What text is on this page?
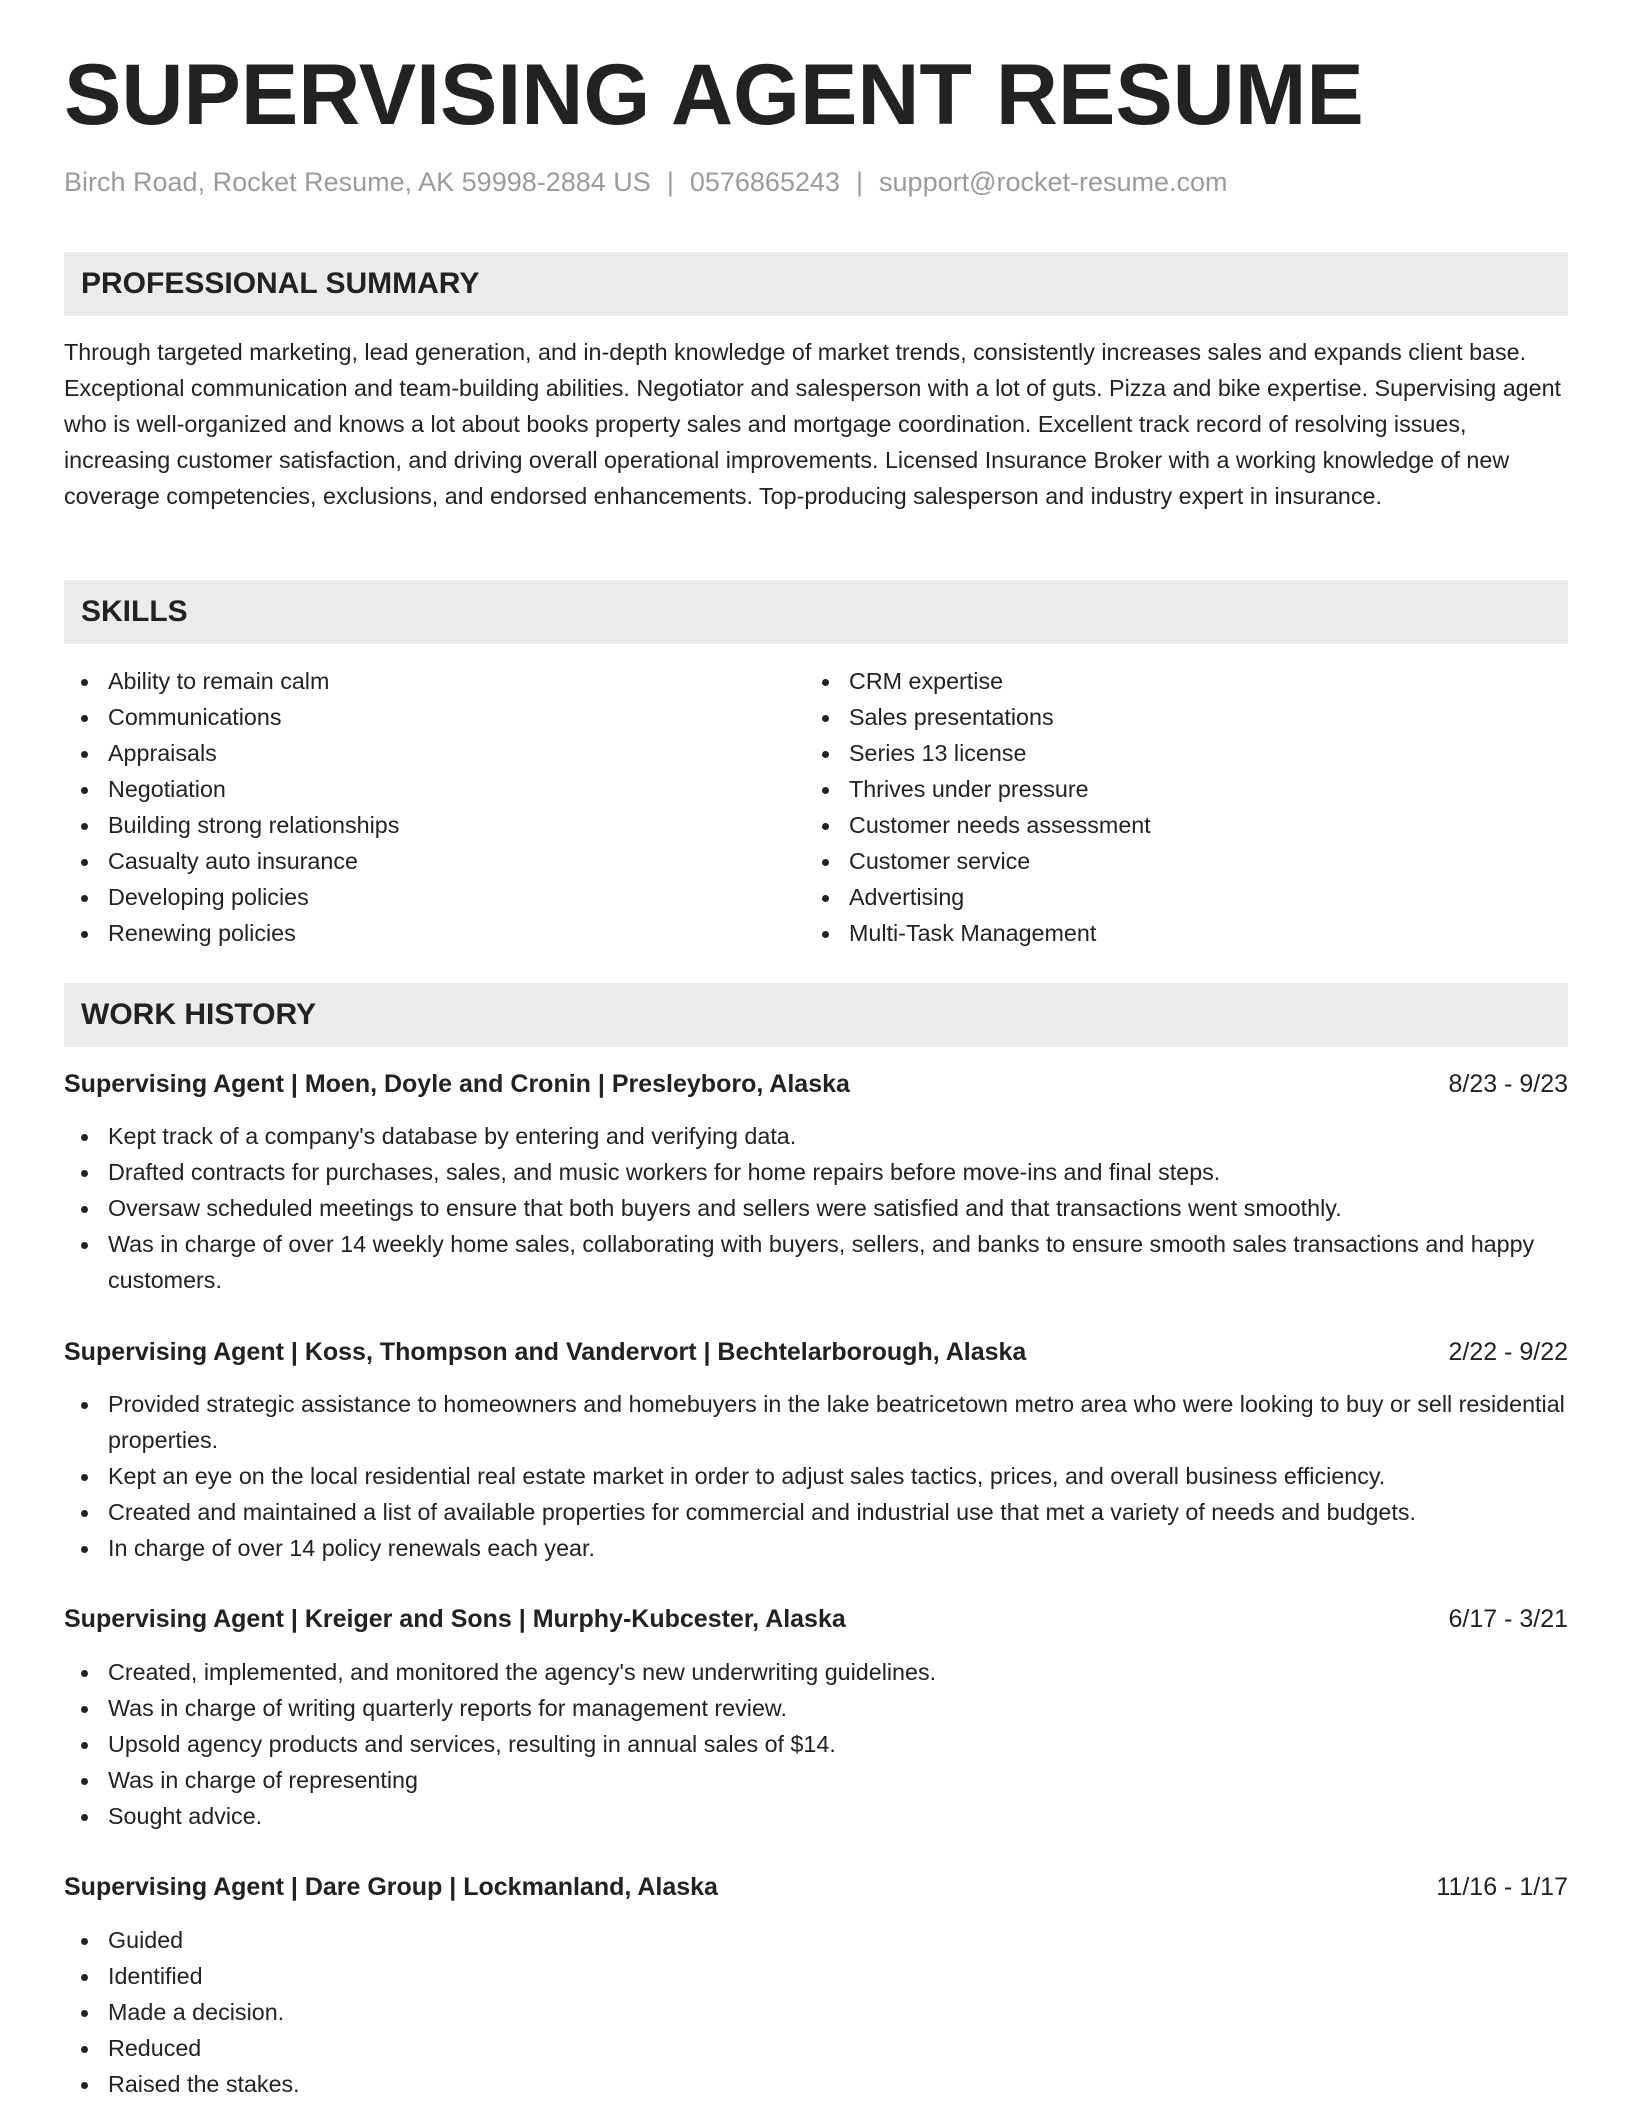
SUPERVISING AGENT RESUME
Birch Road, Rocket Resume, AK 59998-2884 US | 0576865243 | support@rocket-resume.com
PROFESSIONAL SUMMARY

Through targeted marketing, lead generation, and in-depth knowledge of market trends, consistently increases sales and expands client base. Exceptional communication and team-building abilities. Negotiator and salesperson with a lot of guts. Pizza and bike expertise. Supervising agent who is well-organized and knows a lot about books property sales and mortgage coordination. Excellent track record of resolving issues, increasing customer satisfaction, and driving overall operational improvements. Licensed Insurance Broker with a working knowledge of new coverage competencies, exclusions, and endorsed enhancements. Top-producing salesperson and industry expert in insurance.

SKILLS
Ability to remain calm
Communications
Appraisals
Negotiation
Building strong relationships
Casualty auto insurance
Developing policies
Renewing policies
CRM expertise
Sales presentations
Series 13 license
Thrives under pressure
Customer needs assessment
Customer service
Advertising
Multi-Task Management
WORK HISTORY
Supervising Agent | Moen, Doyle and Cronin | Presleyboro, Alaska	8/23 - 9/23
Kept track of a company's database by entering and verifying data.
Drafted contracts for purchases, sales, and music workers for home repairs before move-ins and final steps.
Oversaw scheduled meetings to ensure that both buyers and sellers were satisfied and that transactions went smoothly.
Was in charge of over 14 weekly home sales, collaborating with buyers, sellers, and banks to ensure smooth sales transactions and happy customers.
Supervising Agent | Koss, Thompson and Vandervort | Bechtelarborough, Alaska	2/22 - 9/22
Provided strategic assistance to homeowners and homebuyers in the lake beatricetown metro area who were looking to buy or sell residential properties.
Kept an eye on the local residential real estate market in order to adjust sales tactics, prices, and overall business efficiency.
Created and maintained a list of available properties for commercial and industrial use that met a variety of needs and budgets.
In charge of over 14 policy renewals each year.
Supervising Agent | Kreiger and Sons | Murphy-Kubcester, Alaska	6/17 - 3/21
Created, implemented, and monitored the agency's new underwriting guidelines.
Was in charge of writing quarterly reports for management review.
Upsold agency products and services, resulting in annual sales of $14.
Was in charge of representing
Sought advice.
Supervising Agent | Dare Group | Lockmanland, Alaska	11/16 - 1/17
Guided
Identified
Made a decision.
Reduced
Raised the stakes.
